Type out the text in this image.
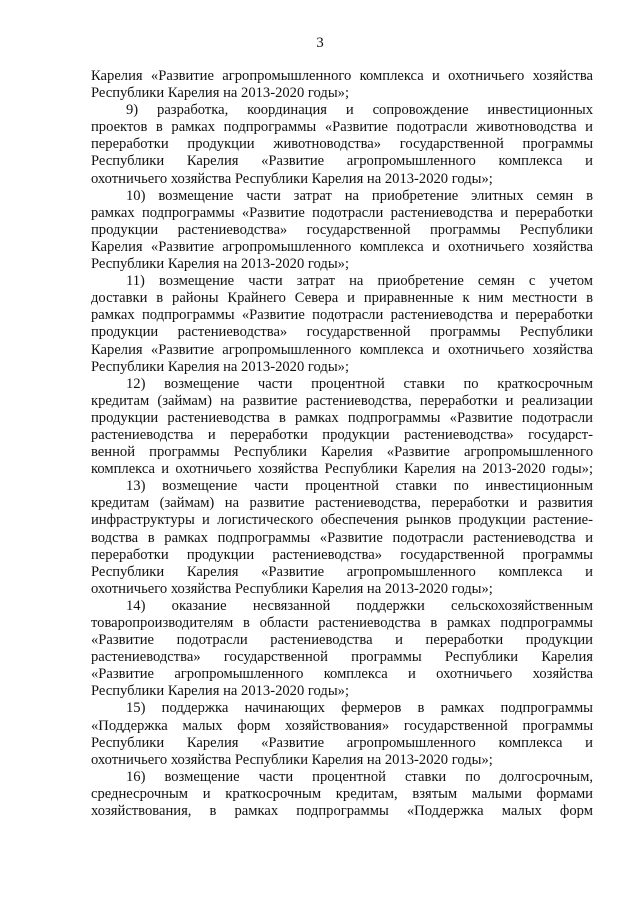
3
Карелия «Развитие агропромышленного комплекса и охотничьего хозяйства
Республики Карелия на 2013-2020 годы»;
9) разработка, координация и сопровождение инвестиционных
проектов в рамках подпрограммы «Развитие подотрасли животноводства и
переработки продукции животноводства» государственной программы
Республики Карелия «Развитие агропромышленного комплекса и
охотничьего хозяйства Республики Карелия на 2013-2020 годы»;
10) возмещение части затрат на приобретение элитных семян в
рамках подпрограммы «Развитие подотрасли растениеводства и переработки
продукции растениеводства» государственной программы Республики
Карелия «Развитие агропромышленного комплекса и охотничьего хозяйства
Республики Карелия на 2013-2020 годы»;
11) возмещение части затрат на приобретение семян с учетом
доставки в районы Крайнего Севера и приравненные к ним местности в
рамках подпрограммы «Развитие подотрасли растениеводства и переработки
продукции растениеводства» государственной программы Республики
Карелия «Развитие агропромышленного комплекса и охотничьего хозяйства
Республики Карелия на 2013-2020 годы»;
12) возмещение части процентной ставки по краткосрочным
кредитам (займам) на развитие растениеводства, переработки и реализации
продукции растениеводства в рамках подпрограммы «Развитие подотрасли
растениеводства и переработки продукции растениеводства» государст-
венной программы Республики Карелия «Развитие агропромышленного
комплекса и охотничьего хозяйства Республики Карелия на 2013-2020 годы»;
13) возмещение части процентной ставки по инвестиционным
кредитам (займам) на развитие растениеводства, переработки и развития
инфраструктуры и логистического обеспечения рынков продукции растение-
водства в рамках подпрограммы «Развитие подотрасли растениеводства и
переработки продукции растениеводства» государственной программы
Республики Карелия «Развитие агропромышленного комплекса и
охотничьего хозяйства Республики Карелия на 2013-2020 годы»;
14) оказание несвязанной поддержки сельскохозяйственным
товаропроизводителям в области растениеводства в рамках подпрограммы
«Развитие подотрасли растениеводства и переработки продукции
растениеводства» государственной программы Республики Карелия
«Развитие агропромышленного комплекса и охотничьего хозяйства
Республики Карелия на 2013-2020 годы»;
15) поддержка начинающих фермеров в рамках подпрограммы
«Поддержка малых форм хозяйствования» государственной программы
Республики Карелия «Развитие агропромышленного комплекса и
охотничьего хозяйства Республики Карелия на 2013-2020 годы»;
16) возмещение части процентной ставки по долгосрочным,
среднесрочным и краткосрочным кредитам, взятым малыми формами
хозяйствования, в рамках подпрограммы «Поддержка малых форм
